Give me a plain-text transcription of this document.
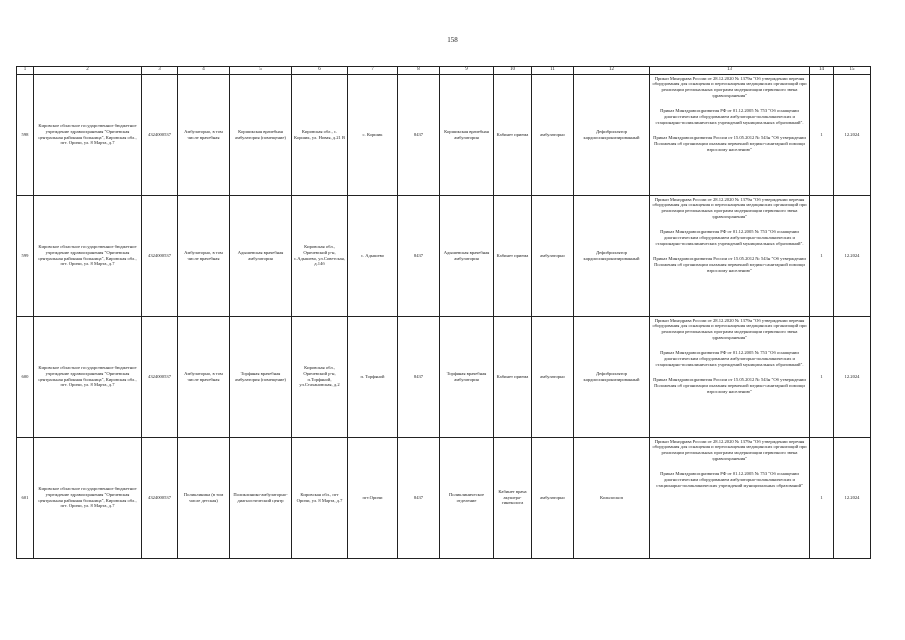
158
1	2	3	4	5	6	7	8	9	10	11	12	13	14	15
598	Кировское областное государственное бюджетное учреждение здравоохранения "Оричевская центральная районная больница", Кировская обл., пгт. Оричи, ул. 8 Марта, д.7	4324000537	Амбулаторно, в том числе врачебная	Коршикская врачебная амбулатория (помещение)	Кировская обл., с. Коршик, ул. Новая, д.21 В	с. Коршик	8437	Коршикская врачебная амбулатория	Кабинет приема	амбулаторно	Дефибриллятор кардиосинхронизированный	Приказ Минздрава России от 28.12.2020 № 1379н "Об утверждении перечня оборудования для оснащения и переоснащения медицинских организаций при реализации региональных программ модернизации первичного звена здравоохранения"

Приказ Минздравсоцразвития РФ от 01.12.2005 № 753 "Об оснащении диагностическим оборудованием амбулаторно-поликлинических и стационарно-поликлинических учреждений муниципальных образований".

Приказ Минздравсоцразвития России от 15.05.2012 № 543н "Об утверждении Положения об организации оказания первичной медико-санитарной помощи взрослому населению"	1	12.2024
599	Кировское областное государственное бюджетное учреждение здравоохранения "Оричевская центральная районная больница", Кировская обл., пгт. Оричи, ул. 8 Марта, д.7	4324000537	Амбулаторно, в том числе врачебная	Адышевская врачебная амбулатория	Кировская обл., Оричевский р-н, с.Адышево, ул.Советская, д.14б	с. Адышево	8437	Адышевская врачебная амбулатория	Кабинет приема	амбулаторно	Дефибриллятор кардиосинхронизированный	Приказ Минздрава России от 28.12.2020 № 1379н "Об утверждении перечня оборудования для оснащения и переоснащения медицинских организаций при реализации региональных программ модернизации первичного звена здравоохранения"

Приказ Минздравсоцразвития РФ от 01.12.2005 № 753 "Об оснащении диагностическим оборудованием амбулаторно-поликлинических и стационарно-поликлинических учреждений муниципальных образований".

Приказ Минздравсоцразвития России от 15.05.2012 № 543н "Об утверждении Положения об организации оказания первичной медико-санитарной помощи взрослому населению"	1	12.2024
600	Кировское областное государственное бюджетное учреждение здравоохранения "Оричевская центральная районная больница", Кировская обл., пгт. Оричи, ул. 8 Марта, д.7	4324000537	Амбулаторно, в том числе врачебная	Торфяная врачебная амбулатория (помещение)	Кировская обл., Оричевский р-н, п.Торфяной, ул.Стахановская, д.2	п. Торфяной	8437	Торфяная врачебная амбулатория	Кабинет приема	амбулаторно	Дефибриллятор кардиосинхронизированный	Приказ Минздрава России от 28.12.2020 № 1379н "Об утверждении перечня оборудования для оснащения и переоснащения медицинских организаций при реализации региональных программ модернизации первичного звена здравоохранения"

Приказ Минздравсоцразвития РФ от 01.12.2005 № 753 "Об оснащении диагностическим оборудованием амбулаторно-поликлинических и стационарно-поликлинических учреждений муниципальных образований".

Приказ Минздравсоцразвития России от 15.05.2012 № 543н "Об утверждении Положения об организации оказания первичной медико-санитарной помощи взрослому населению"	1	12.2024
601	Кировское областное государственное бюджетное учреждение здравоохранения "Оричевская центральная районная больница", Кировская обл., пгт. Оричи, ул. 8 Марта, д.7	4324000537	Поликлиника (в том числе детская)	Поликлинико-амбулаторно-диагностический центр	Кировская обл., пгт Оричи, ул. 8 Марта, д.7	пгт.Оричи	8437	Поликлиническое отделение	Кабинет врача акушера-гинеколога	амбулаторно	Кольпоскоп	Приказ Минздрава России от 28.12.2020 № 1379н "Об утверждении перечня оборудования для оснащения и переоснащения медицинских организаций при реализации региональных программ модернизации первичного звена здравоохранения"

Приказ Минздравсоцразвития РФ от 01.12.2005 № 753 "Об оснащении диагностическим оборудованием амбулаторно-поликлинических и стационарно-поликлинических учреждений муниципальных образований"	1	12.2024
